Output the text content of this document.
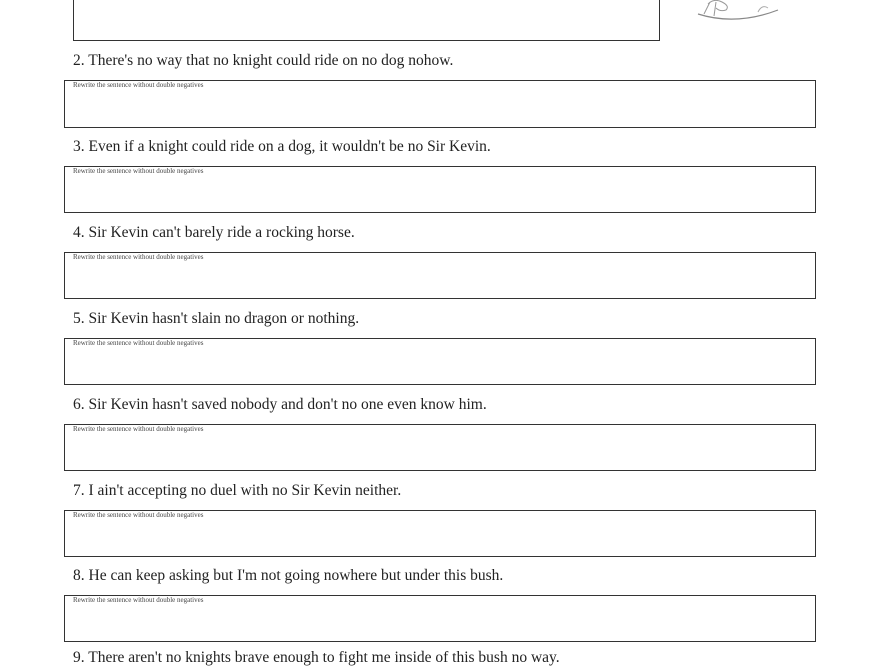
2. There's no way that no knight could ride on no dog nohow.
Rewrite the sentence without double negatives
3. Even if a knight could ride on a dog, it wouldn't be no Sir Kevin.
Rewrite the sentence without double negatives
4. Sir Kevin can't barely ride a rocking horse.
Rewrite the sentence without double negatives
5. Sir Kevin hasn't slain no dragon or nothing.
Rewrite the sentence without double negatives
6. Sir Kevin hasn't saved nobody and don't no one even know him.
Rewrite the sentence without double negatives
7. I ain't accepting no duel with no Sir Kevin neither.
Rewrite the sentence without double negatives
8. He can keep asking but I'm not going nowhere but under this bush.
Rewrite the sentence without double negatives
9. There aren't no knights brave enough to fight me inside of this bush no way.
